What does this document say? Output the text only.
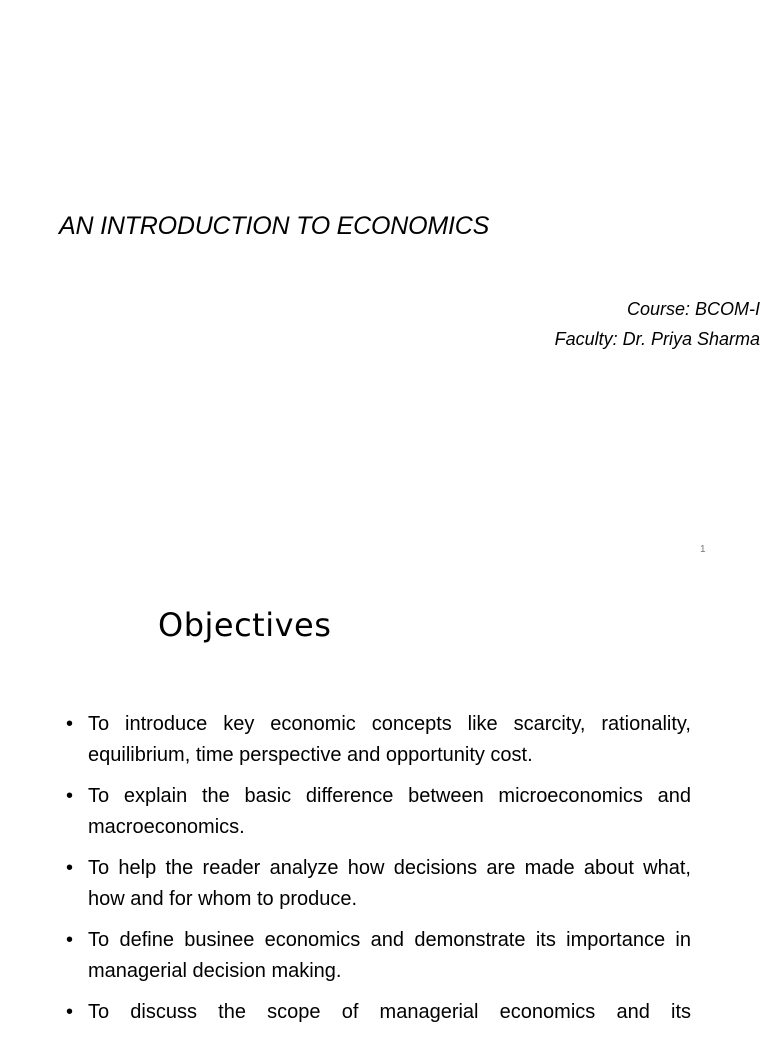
AN INTRODUCTION TO ECONOMICS
Course: BCOM-I
Faculty: Dr. Priya Sharma
1
Objectives
• To introduce key economic concepts like scarcity, rationality, equilibrium, time perspective and opportunity cost.
• To explain the basic difference between microeconomics and macroeconomics.
• To help the reader analyze how decisions are made about what, how and for whom to produce.
• To define businee economics and demonstrate its importance in managerial decision making.
• To discuss the scope of managerial economics and its
